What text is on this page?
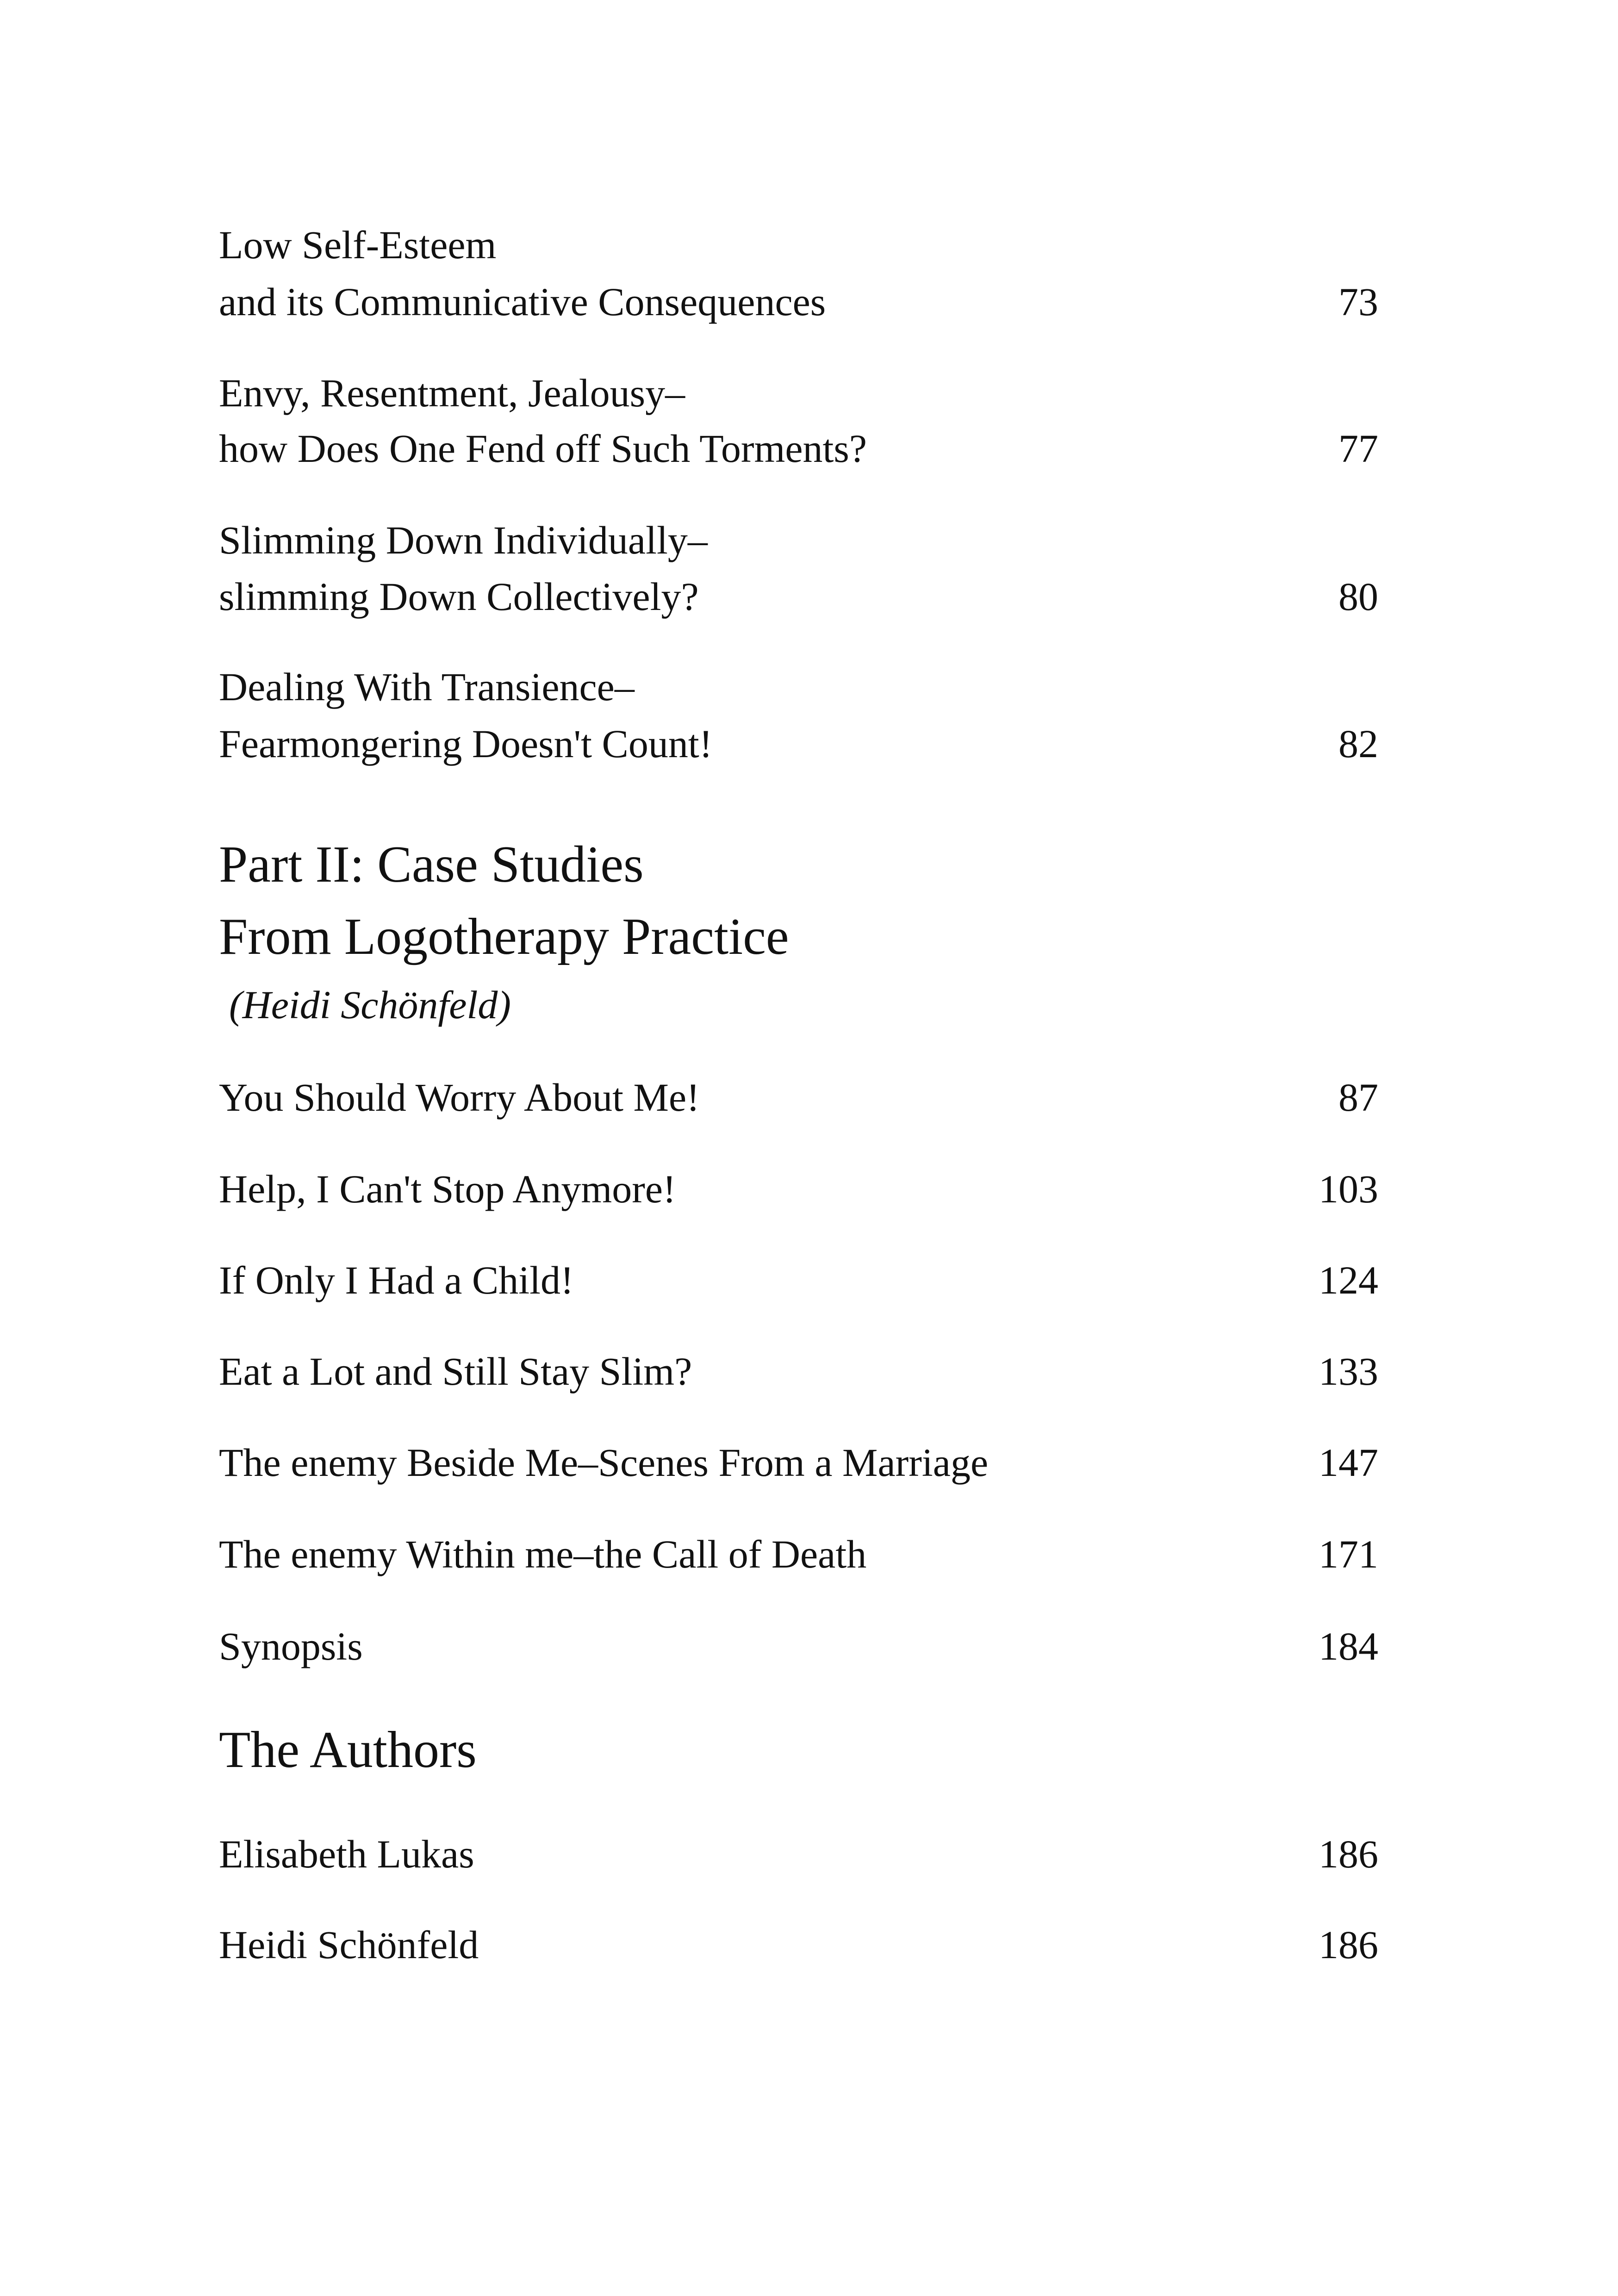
Low Self-Esteem
and its Communicative Consequences	73
Envy, Resentment, Jealousy–
how Does One Fend off Such Torments?	77
Slimming Down Individually–
slimming Down Collectively?	80
Dealing With Transience–
Fearmongering Doesn't Count!	82
Part II: Case Studies
From Logotherapy Practice
(Heidi Schönfeld)
You Should Worry About Me!	87
Help, I Can't Stop Anymore!	103
If Only I Had a Child!	124
Eat a Lot and Still Stay Slim?	133
The enemy Beside Me–Scenes From a Marriage	147
The enemy Within me–the Call of Death	171
Synopsis	184
The Authors
Elisabeth Lukas	186
Heidi Schönfeld	186
